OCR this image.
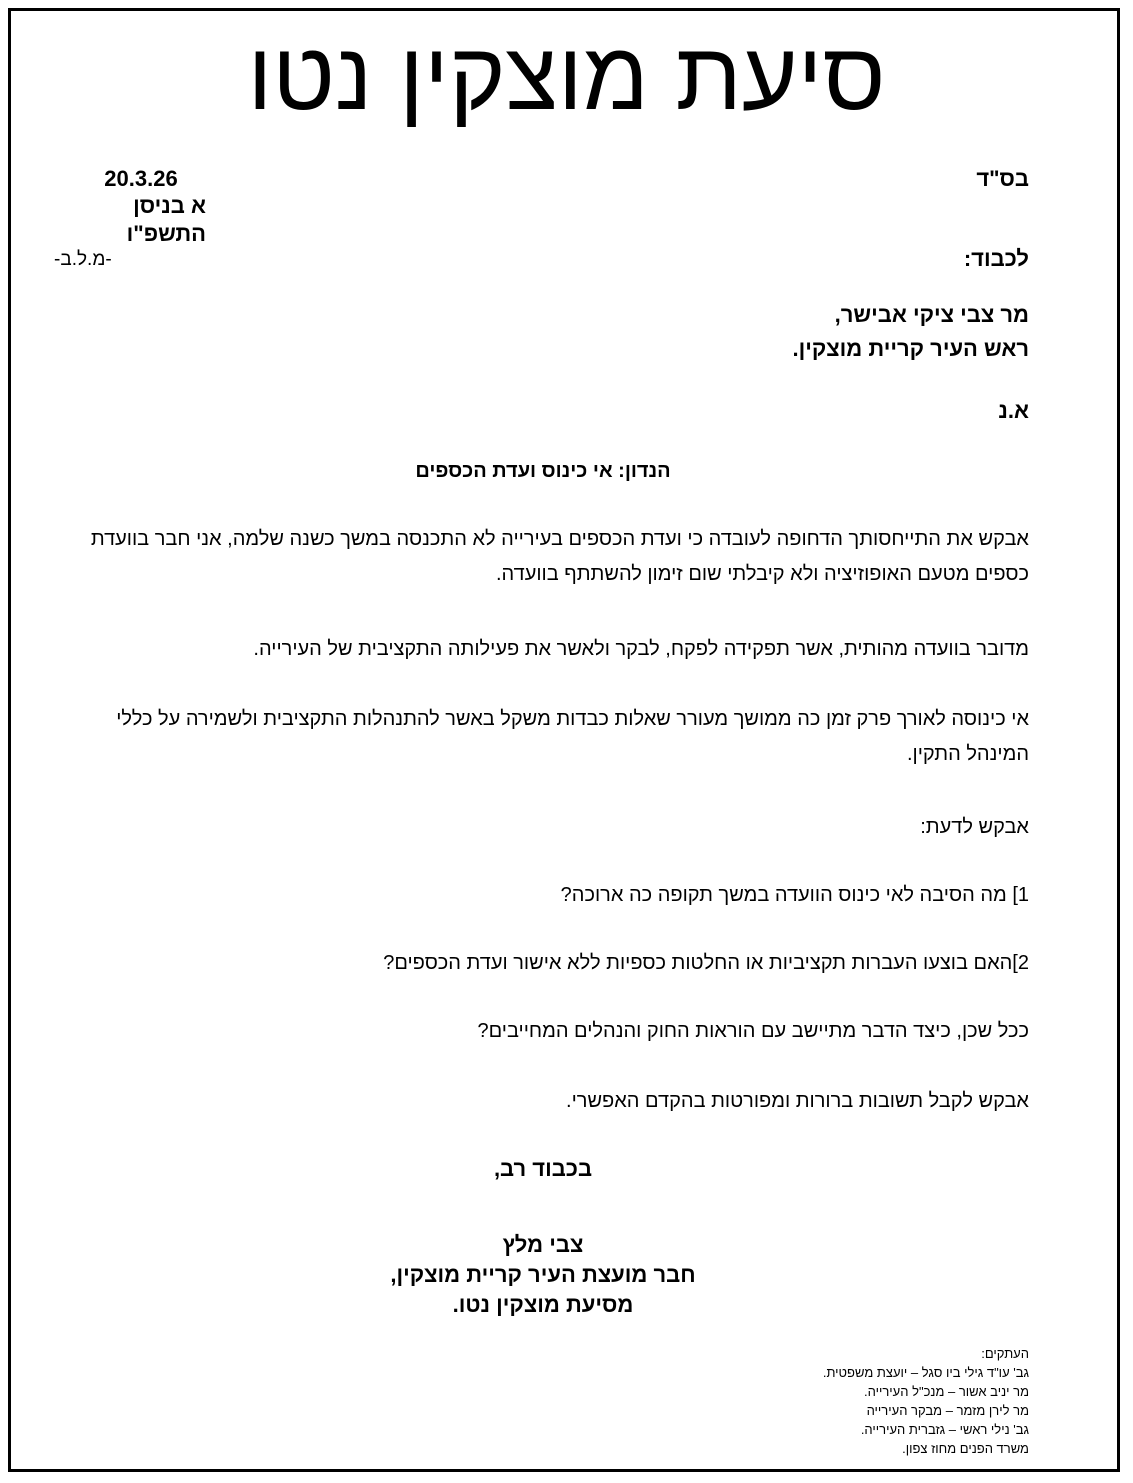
סיעת מוצקין נטו
בס"ד
20.3.26
א בניסן התשפ"ו
-מ.ל.ב-	לכבוד:
מר צבי ציקי אבישר,
ראש העיר קריית מוצקין.
א.נ
הנדון: אי כינוס ועדת הכספים
אבקש את התייחסותך הדחופה לעובדה כי ועדת הכספים בעירייה לא התכנסה במשך כשנה שלמה, אני חבר בוועדת כספים מטעם האופוזיציה ולא קיבלתי שום זימון להשתתף בוועדה.
מדובר בוועדה מהותית, אשר תפקידה לפקח, לבקר ולאשר את פעילותה התקציבית של העירייה.
אי כינוסה לאורך פרק זמן כה ממושך מעורר שאלות כבדות משקל באשר להתנהלות התקציבית ולשמירה על כללי המינהל התקין.
אבקש לדעת:
1] מה הסיבה לאי כינוס הוועדה במשך תקופה כה ארוכה?
2]האם בוצעו העברות תקציביות או החלטות כספיות ללא אישור ועדת הכספים?
ככל שכן, כיצד הדבר מתיישב עם הוראות החוק והנהלים המחייבים?
אבקש לקבל תשובות ברורות ומפורטות בהקדם האפשרי.
בכבוד רב,
צבי מלץ
חבר מועצת העיר קריית מוצקין,
מסיעת מוצקין נטו.
העתקים:
גב' עו"ד גילי ביו סגל – יועצת משפטית.
מר יניב אשור – מנכ"ל העירייה.
מר לירן מזמר – מבקר העירייה
גב' נילי ראשי – גזברית העירייה.
משרד הפנים מחוז צפון.
